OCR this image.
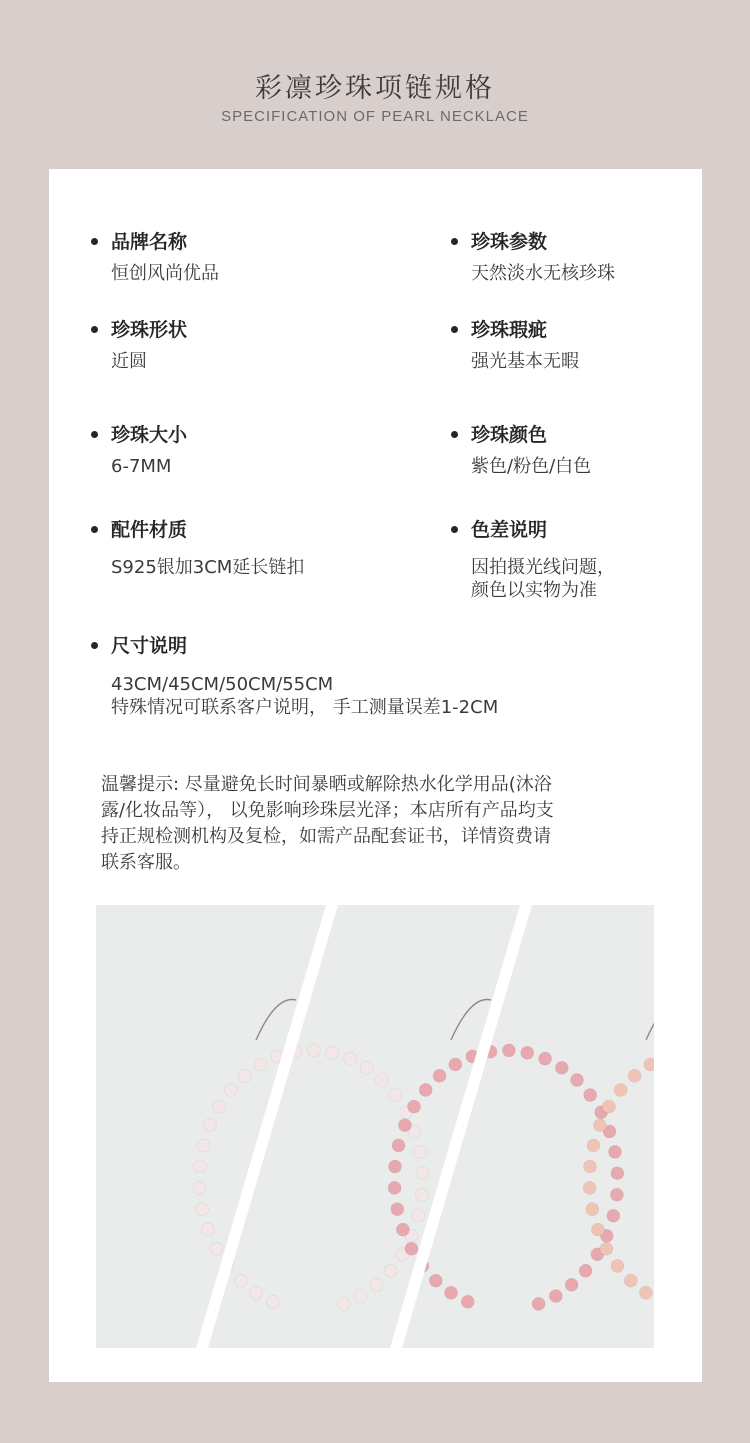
彩凛珍珠项链规格
SPECIFICATION OF PEARL NECKLACE
品牌名称
恒创风尚优品
珍珠参数
天然淡水无核珍珠
珍珠形状
近圆
珍珠瑕疵
强光基本无暇
珍珠大小
6-7MM
珍珠颜色
紫色/粉色/白色
配件材质
S925银加3CM延长链扣
色差说明
因拍摄光线问题，
颜色以实物为准
尺寸说明
43CM/45CM/50CM/55CM
特殊情况可联系客户说明， 手工测量误差1-2CM
温馨提示: 尽量避免长时间暴晒或解除热水化学用品(沐浴
露/化妆品等）， 以免影响珍珠层光泽；本店所有产品均支
持正规检测机构及复检，如需产品配套证书，详情资费请
联系客服。
